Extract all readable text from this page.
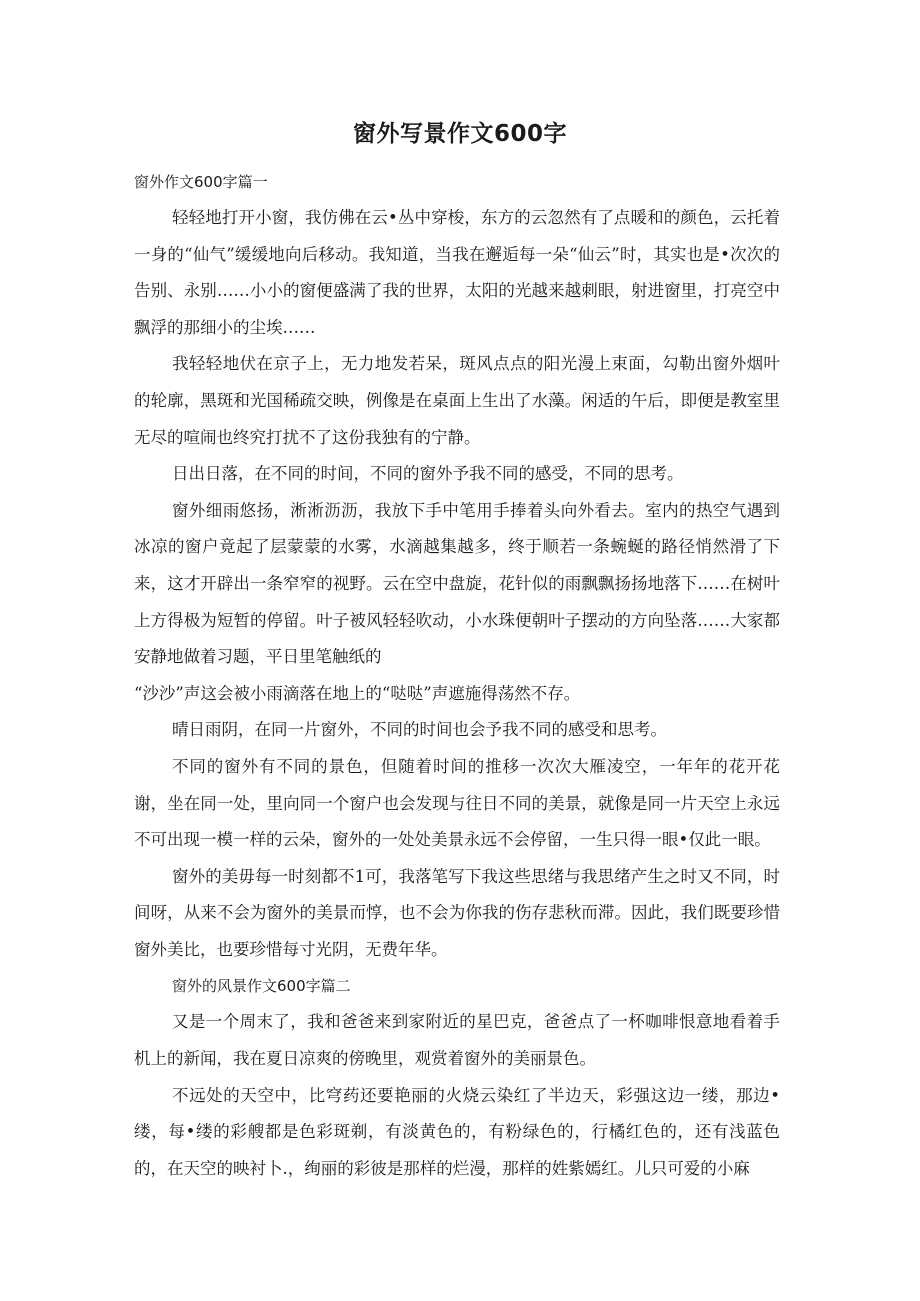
窗外写景作文600字
窗外作文600字篇一

轻轻地打开小窗，我仿佛在云•丛中穿梭，东方的云忽然有了点暖和的颜色，云托着一身的“仙气”缓缓地向后移动。我知道，当我在邂逅每一朵“仙云”时，其实也是•次次的告别、永别……小小的窗便盛满了我的世界，太阳的光越来越刺眼，射进窗里，打亮空中飘浮的那细小的尘埃……

我轻轻地伏在京子上，无力地发若呆，斑风点点的阳光漫上束面，勾勒出窗外烟叶的轮廓，黑斑和光国稀疏交映，例像是在桌面上生出了水藻。闲适的午后，即便是教室里无尽的喧闹也终究打扰不了这份我独有的宁静。

日出日落，在不同的时间，不同的窗外予我不同的感受，不同的思考。

窗外细雨悠扬，淅淅沥沥，我放下手中笔用手捧着头向外看去。室内的热空气遇到冰凉的窗户竟起了层蒙蒙的水雾，水滴越集越多，终于顺若一条蜿蜒的路径悄然滑了下来，这才开辟出一条窄窄的视野。云在空中盘旋，花针似的雨飘飘扬扬地落下……在树叶上方得极为短暂的停留。叶子被风轻轻吹动，小水珠便朝叶子摆动的方向坠落……大家都安静地做着习题，平日里笔触纸的

“沙沙”声这会被小雨滴落在地上的“哒哒”声遮施得荡然不存。

晴日雨阴，在同一片窗外，不同的时间也会予我不同的感受和思考。

不同的窗外有不同的景色，但随着时间的推移一次次大雁凌空，一年年的花开花谢，坐在同一处，里向同一个窗户也会发现与往日不同的美景，就像是同一片天空上永远不可出现一模一样的云朵，窗外的一处处美景永远不会停留，一生只得一眼•仅此一眼。

窗外的美毋每一时刻都不1可，我落笔写下我这些思绪与我思绪产生之时又不同，时间呀，从来不会为窗外的美景而惇，也不会为你我的伤存悲秋而滞。因此，我们既要珍惜窗外美比，也要珍惜每寸光阴，无费年华。

窗外的风景作文600字篇二

又是一个周末了，我和爸爸来到家附近的星巴克，爸爸点了一杯咖啡恨意地看着手机上的新闻，我在夏日凉爽的傍晚里，观赏着窗外的美丽景色。

不远处的天空中，比穹药还要艳丽的火烧云染红了半边天，彩强这边一缕，那边•缕，每•缕的彩艘都是色彩斑剃，有淡黄色的，有粉绿色的，行橘红色的，还有浅蓝色的，在天空的映衬卜.，绚丽的彩彼是那样的烂漫，那样的姓紫嫣红。儿只可爱的小麻
